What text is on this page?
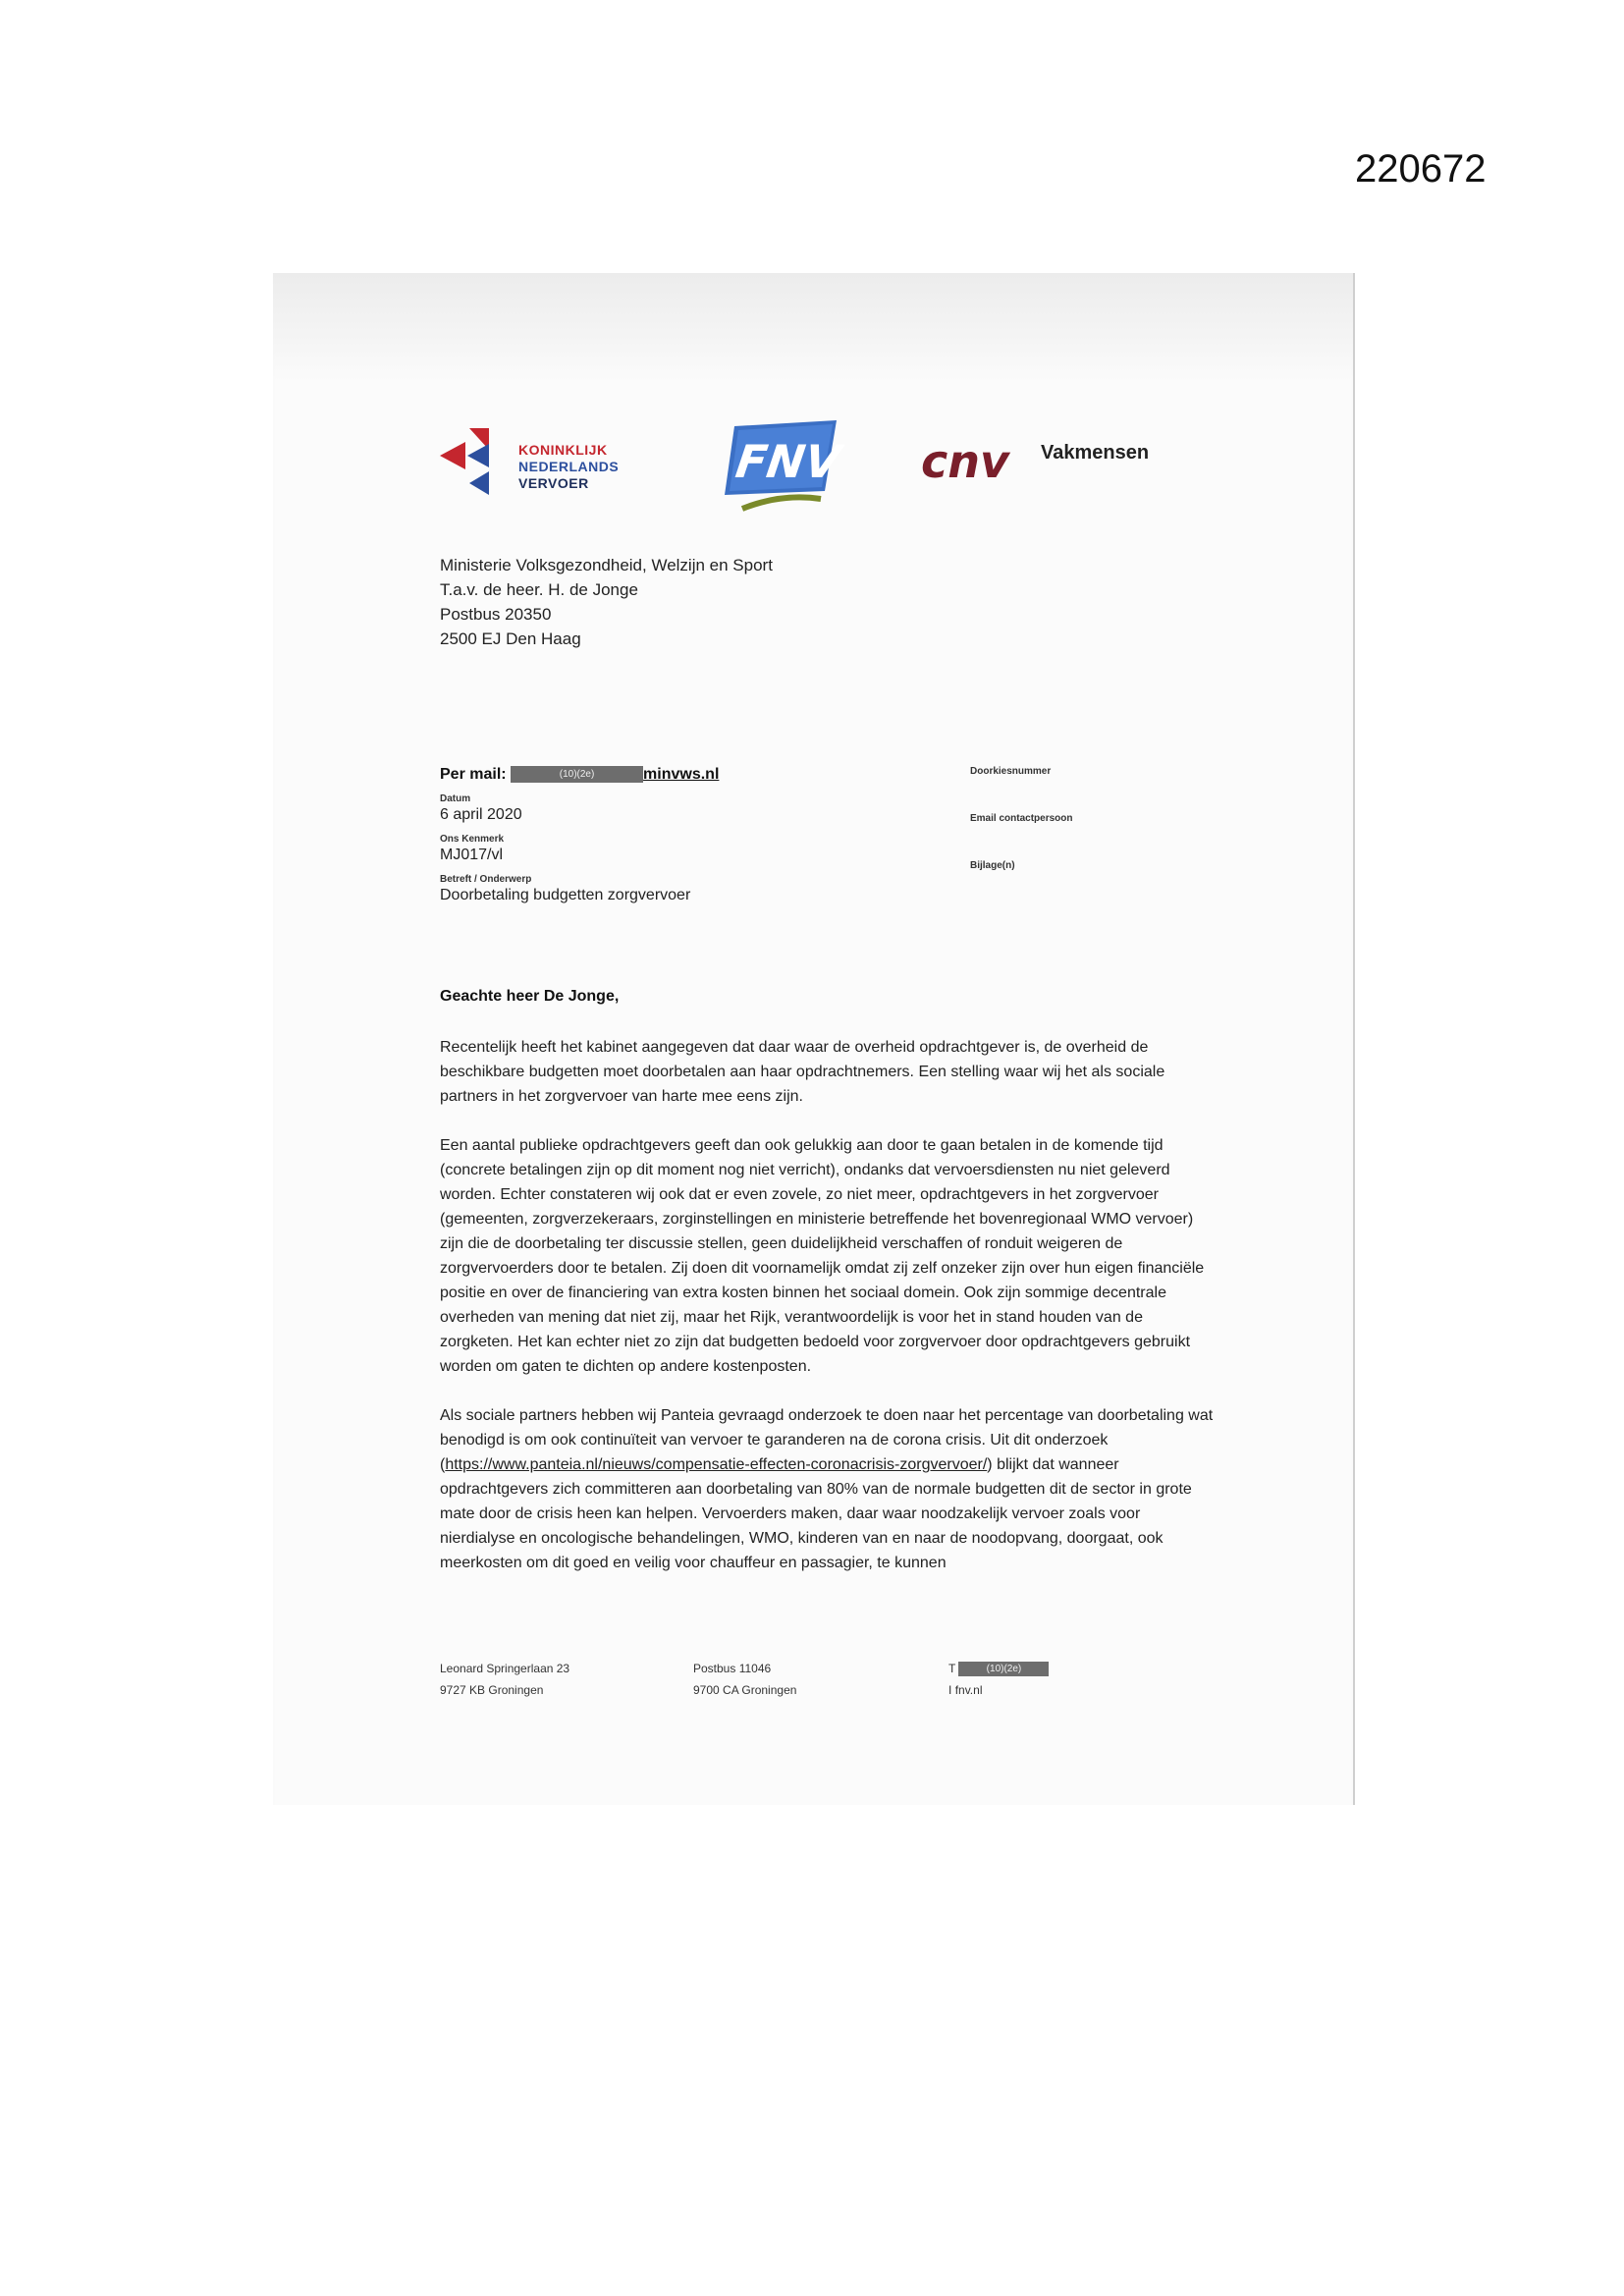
220672
KONINKLIJK
NEDERLANDS
VERVOER	FNV cnv Vakmensen
Ministerie Volksgezondheid, Welzijn en Sport
T.a.v. de heer. H. de Jonge
Postbus 20350
2500 EJ Den Haag
Per mail:	(10)(2e)	minvws.nl
Datum
6 april 2020
Ons Kenmerk
MJ017/vl
Betreft / Onderwerp
Doorbetaling budgetten zorgvervoer
Doorkiesnummer
Email contactpersoon
Bijlage(n)
Geachte heer De Jonge,

Recentelijk heeft het kabinet aangegeven dat daar waar de overheid opdrachtgever is, de overheid de beschikbare budgetten moet doorbetalen aan haar opdrachtnemers. Een stelling waar wij het als sociale partners in het zorgvervoer van harte mee eens zijn.

Een aantal publieke opdrachtgevers geeft dan ook gelukkig aan door te gaan betalen in de komende tijd (concrete betalingen zijn op dit moment nog niet verricht), ondanks dat vervoersdiensten nu niet geleverd worden. Echter constateren wij ook dat er even zovele, zo niet meer, opdrachtgevers in het zorgvervoer (gemeenten, zorgverzekeraars, zorginstellingen en ministerie betreffende het bovenregionaal WMO vervoer) zijn die de doorbetaling ter discussie stellen, geen duidelijkheid verschaffen of ronduit weigeren de zorgvervoerders door te betalen. Zij doen dit voornamelijk omdat zij zelf onzeker zijn over hun eigen financiële positie en over de financiering van extra kosten binnen het sociaal domein. Ook zijn sommige decentrale overheden van mening dat niet zij, maar het Rijk, verantwoordelijk is voor het in stand houden van de zorgketen. Het kan echter niet zo zijn dat budgetten bedoeld voor zorgvervoer door opdrachtgevers gebruikt worden om gaten te dichten op andere kostenposten.

Als sociale partners hebben wij Panteia gevraagd onderzoek te doen naar het percentage van doorbetaling wat benodigd is om ook continuïteit van vervoer te garanderen na de corona crisis. Uit dit onderzoek (https://www.panteia.nl/nieuws/compensatie-effecten-coronacrisis-zorgvervoer/) blijkt dat wanneer opdrachtgevers zich committeren aan doorbetaling van 80% van de normale budgetten dit de sector in grote mate door de crisis heen kan helpen. Vervoerders maken, daar waar noodzakelijk vervoer zoals voor nierdialyse en oncologische behandelingen, WMO, kinderen van en naar de noodopvang, doorgaat, ook meerkosten om dit goed en veilig voor chauffeur en passagier, te kunnen

Leonard Springerlaan 23
9727 KB Groningen
Postbus 11046
9700 CA Groningen
T	(10)(2e)
I fnv.nl
